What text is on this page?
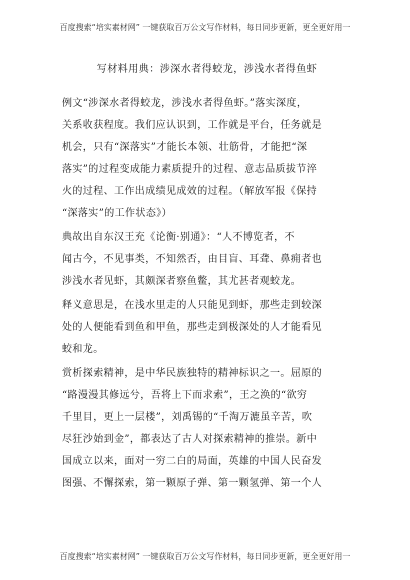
百度搜索“培实素材网” 一键获取百万公文写作材料，每日同步更新，更全更好用一
写材料用典：涉深水者得蛟龙，涉浅水者得鱼虾
例文“涉深水者得蛟龙，涉浅水者得鱼虾。”落实深度，
关系收获程度。我们应认识到，工作就是平台，任务就是
机会，只有“深落实”才能长本领、壮筋骨，才能把“深
落实”的过程变成能力素质提升的过程、意志品质拔节淬
火的过程、工作出成绩见成效的过程。（解放军报《保持
“深落实”的工作状态》）
典故出自东汉王充《论衡·别通》：“人不博览者，不
闻古今，不见事类，不知然否，由目盲、耳聋、鼻痈者也
涉浅水者见虾，其颇深者察鱼鳖，其尤甚者观蛟龙。
释义意思是，在浅水里走的人只能见到虾，那些走到较深
处的人便能看到鱼和甲鱼，那些走到极深处的人才能看见
蛟和龙。
赏析探索精神，是中华民族独特的精神标识之一。屈原的
“路漫漫其修远兮，吾将上下而求索”，王之涣的“欲穷
千里目，更上一层楼”，刘禹锡的“千淘万漉虽辛苦，吹
尽狂沙始到金”，都表达了古人对探索精神的推崇。新中
国成立以来，面对一穷二白的局面，英雄的中国人民奋发
图强、不懈探索，第一颗原子弹、第一颗氢弹、第一个人
百度搜索“培实素材网” 一键获取百万公文写作材料，每日同步更新，更全更好用一
